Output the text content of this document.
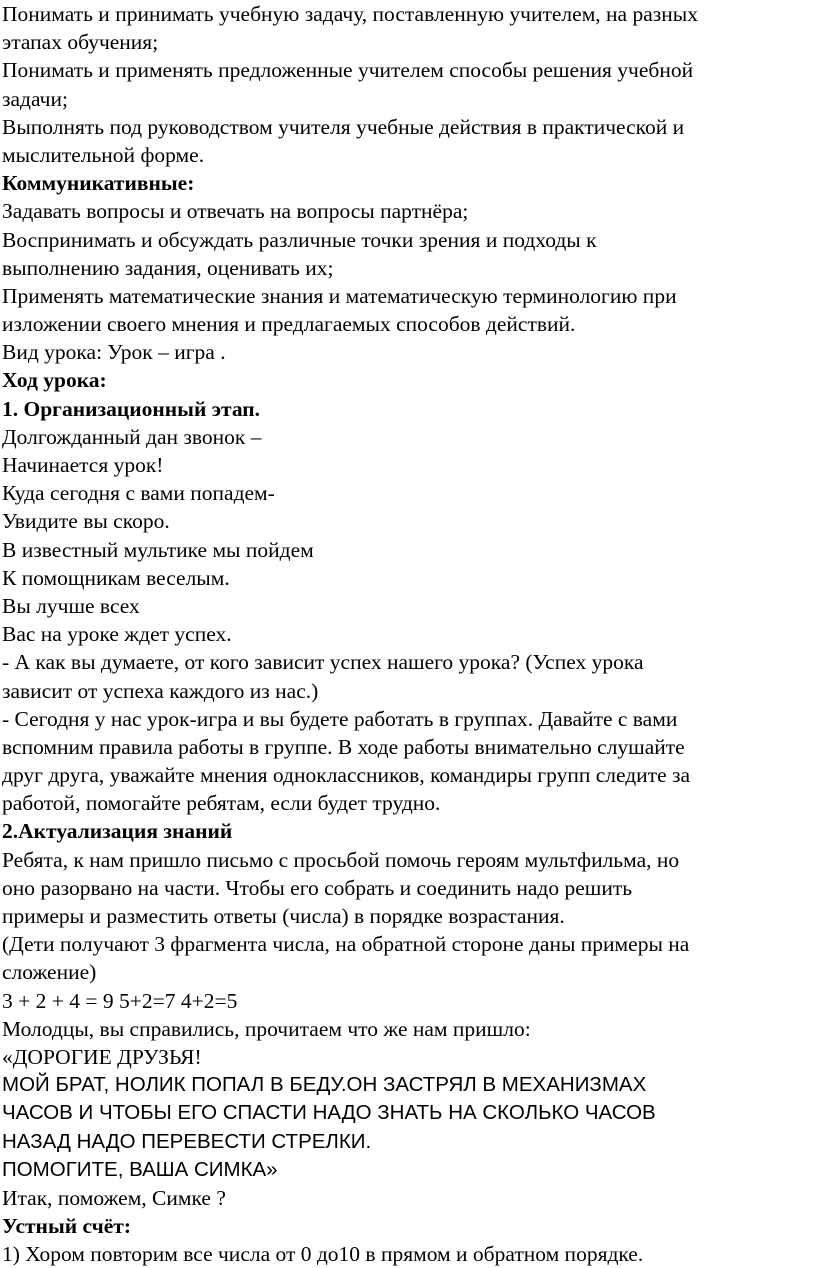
Понимать и принимать учебную задачу, поставленную учителем, на разных
этапах обучения;
Понимать и применять предложенные учителем способы решения учебной
задачи;
Выполнять под руководством учителя учебные действия в практической и
мыслительной форме.
Коммуникативные:
Задавать вопросы и отвечать на вопросы партнёра;
Воспринимать и обсуждать различные точки зрения и подходы к
выполнению задания, оценивать их;
Применять математические знания и математическую терминологию при
изложении своего мнения и предлагаемых способов действий.
Вид урока: Урок – игра .
Ход урока:
1. Организационный этап.
Долгожданный дан звонок –
Начинается урок!
Куда сегодня с вами попадем-
Увидите вы скоро.
В известный мультике мы пойдем
К помощникам веселым.
Вы лучше всех
Вас на уроке ждет успех.
- А как вы думаете, от кого зависит успех нашего урока? (Успех урока
зависит от успеха каждого из нас.)
- Сегодня у нас урок-игра и вы будете работать в группах. Давайте с вами
вспомним правила работы в группе. В ходе работы внимательно слушайте
друг друга, уважайте мнения одноклассников, командиры групп следите за
работой, помогайте ребятам, если будет трудно.
2.Актуализация знаний
Ребята, к нам пришло письмо с просьбой помочь героям мультфильма, но
оно разорвано на части. Чтобы его собрать и соединить надо решить
примеры и разместить ответы (числа) в порядке возрастания.
(Дети получают 3 фрагмента числа, на обратной стороне даны примеры на
сложение)
3 + 2 + 4 = 9 5+2=7 4+2=5
Молодцы, вы справились, прочитаем что же нам пришло:
«ДОРОГИЕ ДРУЗЬЯ!
МОЙ БРАТ, НОЛИК ПОПАЛ В БЕДУ.ОН ЗАСТРЯЛ В МЕХАНИЗМАХ
ЧАСОВ И ЧТОБЫ ЕГО СПАСТИ НАДО ЗНАТЬ НА СКОЛЬКО ЧАСОВ
НАЗАД НАДО ПЕРЕВЕСТИ СТРЕЛКИ.
ПОМОГИТЕ, ВАША СИМКА»
Итак, поможем, Симке ?
Устный счёт:
1) Хором повторим все числа от 0 до10 в прямом и обратном порядке.
